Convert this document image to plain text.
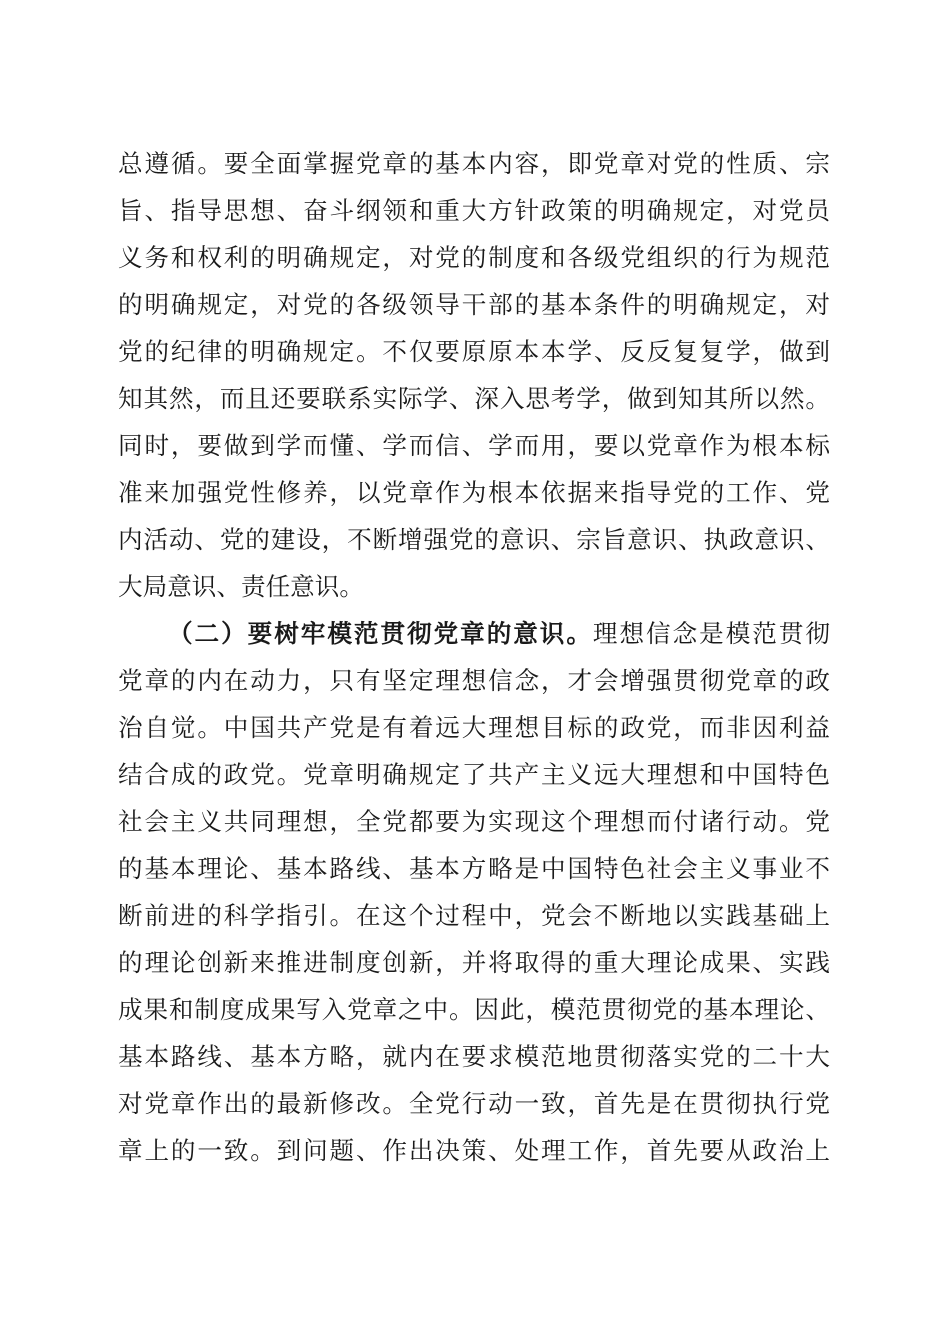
总遵循。要全面掌握党章的基本内容，即党章对党的性质、宗
旨、指导思想、奋斗纲领和重大方针政策的明确规定，对党员
义务和权利的明确规定，对党的制度和各级党组织的行为规范
的明确规定，对党的各级领导干部的基本条件的明确规定，对
党的纪律的明确规定。不仅要原原本本学、反反复复学，做到
知其然，而且还要联系实际学、深入思考学，做到知其所以然。
同时，要做到学而懂、学而信、学而用，要以党章作为根本标
准来加强党性修养，以党章作为根本依据来指导党的工作、党
内活动、党的建设，不断增强党的意识、宗旨意识、执政意识、
大局意识、责任意识。
（二）要树牢模范贯彻党章的意识。理想信念是模范贯彻
党章的内在动力，只有坚定理想信念，才会增强贯彻党章的政
治自觉。中国共产党是有着远大理想目标的政党，而非因利益
结合成的政党。党章明确规定了共产主义远大理想和中国特色
社会主义共同理想，全党都要为实现这个理想而付诸行动。党
的基本理论、基本路线、基本方略是中国特色社会主义事业不
断前进的科学指引。在这个过程中，党会不断地以实践基础上
的理论创新来推进制度创新，并将取得的重大理论成果、实践
成果和制度成果写入党章之中。因此，模范贯彻党的基本理论、
基本路线、基本方略，就内在要求模范地贯彻落实党的二十大
对党章作出的最新修改。全党行动一致，首先是在贯彻执行党
章上的一致。到问题、作出决策、处理工作，首先要从政治上
